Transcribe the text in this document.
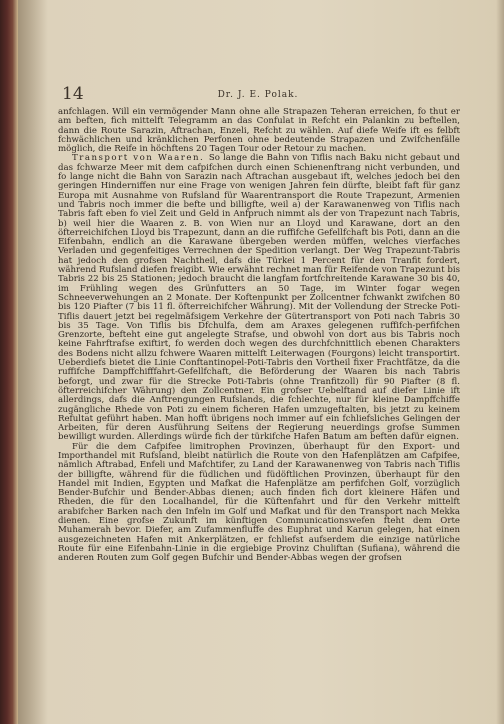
14	Dr. J. E. Polak.

anfchlagen. Will ein vermögender Mann ohne alle Strapazen Teheran erreichen, fo thut er am beften, fich mittelft Telegramm an das Confulat in Refcht ein Palankin zu beftellen, dann die Route Sarazin, Aftrachan, Enzeli, Refcht zu wählen. Auf diefe Weife ift es felbft fchwächlichen und kränklichen Perfonen ohne bedeutende Strapazen und Zwifchenfälle möglich, die Reife in höchftens 20 Tagen Tour oder Retour zu machen.

Transport von Waaren. So lange die Bahn von Tiflis nach Baku nicht gebaut und das fchwarze Meer mit dem cafpifchen durch einen Schienenftrang nicht verbunden, und fo lange nicht die Bahn von Sarazin nach Aftrachan ausgebaut ift, welches jedoch bei den geringen Hinderniffen nur eine Frage von wenigen Jahren fein dürfte, bleibt faft für ganz Europa mit Ausnahme von Rufsland für Waarentransport die Route Trapezunt, Armenien und Tabris noch immer die befte und billigfte, weil a) der Karawanenweg von Tiflis nach Tabris faft eben fo viel Zeit und Geld in Anfpruch nimmt als der von Trapezunt nach Tabris, b) weil hier die Waaren z. B. von Wien nur an Lloyd und Karawane, dort an den öfterreichifchen Lloyd bis Trapezunt, dann an die ruffifche Gefellfchaft bis Poti, dann an die Eifenbahn, endlich an die Karawane übergeben werden müffen, welches vierfaches Verladen und gegenfeitiges Verrechnen der Spedition verlangt. Der Weg Trapezunt-Tabris hat jedoch den grofsen Nachtheil, dafs die Türkei 1 Percent für den Tranfit fordert, während Rufsland diefen freigibt. Wie erwähnt rechnet man für Reifende von Trapezunt bis Tabris 22 bis 25 Stationen; jedoch braucht die langfam fortfchreitende Karawane 30 bis 40, im Frühling wegen des Grünfutters an 50 Tage, im Winter fogar wegen Schneeverwehungen an 2 Monate. Der Koftenpunkt per Zollcentner fchwankt zwifchen 80 bis 120 Piafter (7 bis 11 fl. öfterreichifcher Währung). Mit der Vollendung der Strecke Poti-Tiflis dauert jetzt bei regelmäfsigem Verkehre der Gütertransport von Poti nach Tabris 30 bis 35 Tage. Von Tiflis bis Dfchulfa, dem am Araxes gelegenen ruffifch-perfifchen Grenzorte, befteht eine gut angelegte Strafse, und obwohl von dort aus bis Tabris noch keine Fahrftrafse exiftirt, fo werden doch wegen des durchfchnittlich ebenen Charakters des Bodens nicht allzu fchwere Waaren mittelft Leiterwagen (Fourgons) leicht transportirt. Ueberdiefs bietet die Linie Conftantinopel-Poti-Tabris den Vortheil fixer Frachtfätze, da die ruffifche Dampffchifffahrt-Gefellfchaft, die Beförderung der Waaren bis nach Tabris beforgt, und zwar für die Strecke Poti-Tabris (ohne Tranfitzoll) für 90 Piafter (8 fl. öfterreichifcher Währung) den Zollcentner. Ein grofser Uebelftand auf diefer Linie ift allerdings, dafs die Anftrengungen Rufslands, die fchlechte, nur für kleine Dampffchiffe zugängliche Rhede von Poti zu einem ficheren Hafen umzugeftalten, bis jetzt zu keinem Refultat geführt haben. Man hofft übrigens noch immer auf ein fchliefsliches Gelingen der Arbeiten, für deren Ausführung Seitens der Regierung neuerdings grofse Summen bewilligt wurden. Allerdings würde fich der türkifche Hafen Batum am beften dafür eignen.

Für die dem Cafpifee limitrophen Provinzen, überhaupt für den Export- und Importhandel mit Rufsland, bleibt natürlich die Route von den Hafenplätzen am Cafpifee, nämlich Aftrabad, Enfeli und Mafchtifer, zu Land der Karawanenweg von Tabris nach Tiflis der billigfte, während für die füdlichen und füdöftlichen Provinzen, überhaupt für den Handel mit Indien, Egypten und Mafkat die Hafenplätze am perfifchen Golf, vorzüglich Bender-Bufchir und Bender-Abbas dienen; auch finden fich dort kleinere Häfen und Rheden, die für den Localhandel, für die Küftenfahrt und für den Verkehr mittelft arabifcher Barken nach den Infeln im Golf und Mafkat und für den Transport nach Mekka dienen. Eine grofse Zukunft im künftigen Communicationswefen fteht dem Orte Muhamerah bevor. Diefer, am Zufammenfluffe des Euphrat und Karun gelegen, hat einen ausgezeichneten Hafen mit Ankerplätzen, er fchliefst aufserdem die einzige natürliche Route für eine Eifenbahn-Linie in die ergiebige Provinz Chuliftan (Sufiana), während die anderen Routen zum Golf gegen Bufchir und Bender-Abbas wegen der grofsen
